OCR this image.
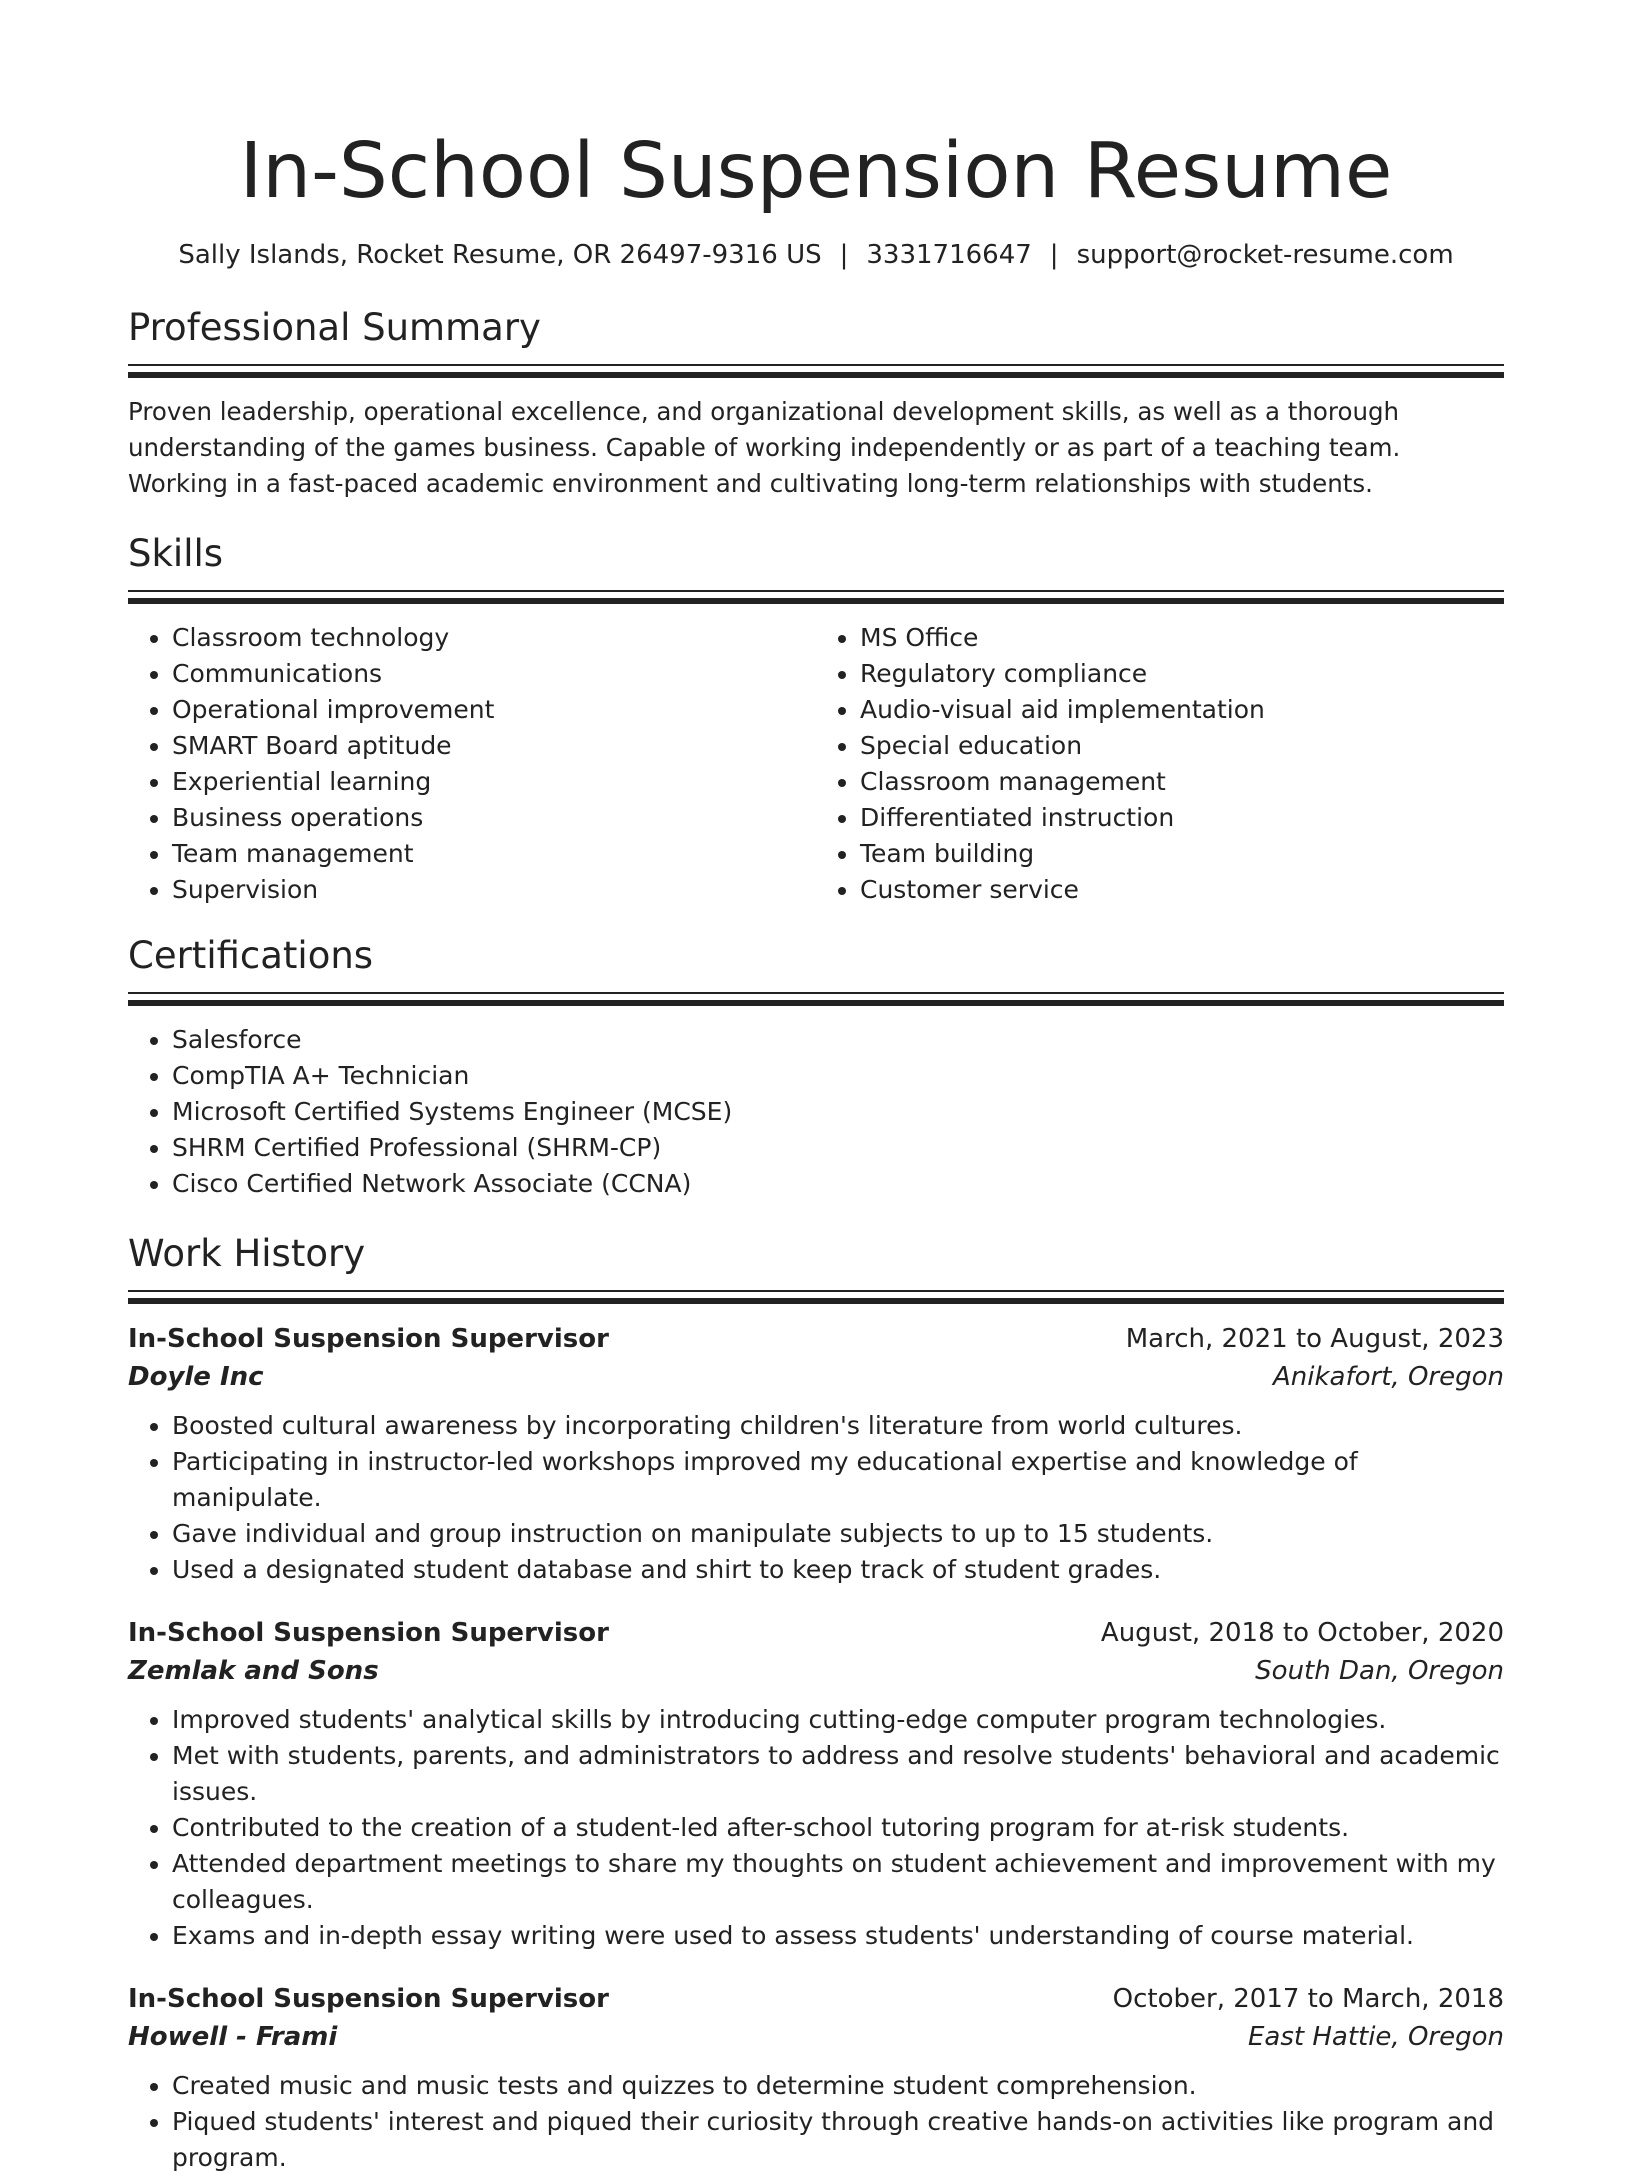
In-School Suspension Resume
Sally Islands, Rocket Resume, OR 26497-9316 US | 3331716647 | support@rocket-resume.com
Professional Summary
Proven leadership, operational excellence, and organizational development skills, as well as a thorough understanding of the games business. Capable of working independently or as part of a teaching team. Working in a fast-paced academic environment and cultivating long-term relationships with students.
Skills
• Classroom technology
• Communications
• Operational improvement
• SMART Board aptitude
• Experiential learning
• Business operations
• Team management
• Supervision
• MS Office
• Regulatory compliance
• Audio-visual aid implementation
• Special education
• Classroom management
• Differentiated instruction
• Team building
• Customer service
Certifications
• Salesforce
• CompTIA A+ Technician
• Microsoft Certified Systems Engineer (MCSE)
• SHRM Certified Professional (SHRM-CP)
• Cisco Certified Network Associate (CCNA)
Work History
In-School Suspension Supervisor	March, 2021 to August, 2023
Doyle Inc	Anikafort, Oregon
• Boosted cultural awareness by incorporating children's literature from world cultures.
• Participating in instructor-led workshops improved my educational expertise and knowledge of manipulate.
• Gave individual and group instruction on manipulate subjects to up to 15 students.
• Used a designated student database and shirt to keep track of student grades.
In-School Suspension Supervisor	August, 2018 to October, 2020
Zemlak and Sons	South Dan, Oregon
• Improved students' analytical skills by introducing cutting-edge computer program technologies.
• Met with students, parents, and administrators to address and resolve students' behavioral and academic issues.
• Contributed to the creation of a student-led after-school tutoring program for at-risk students.
• Attended department meetings to share my thoughts on student achievement and improvement with my colleagues.
• Exams and in-depth essay writing were used to assess students' understanding of course material.
In-School Suspension Supervisor	October, 2017 to March, 2018
Howell - Frami	East Hattie, Oregon
• Created music and music tests and quizzes to determine student comprehension.
• Piqued students' interest and piqued their curiosity through creative hands-on activities like program and program.
